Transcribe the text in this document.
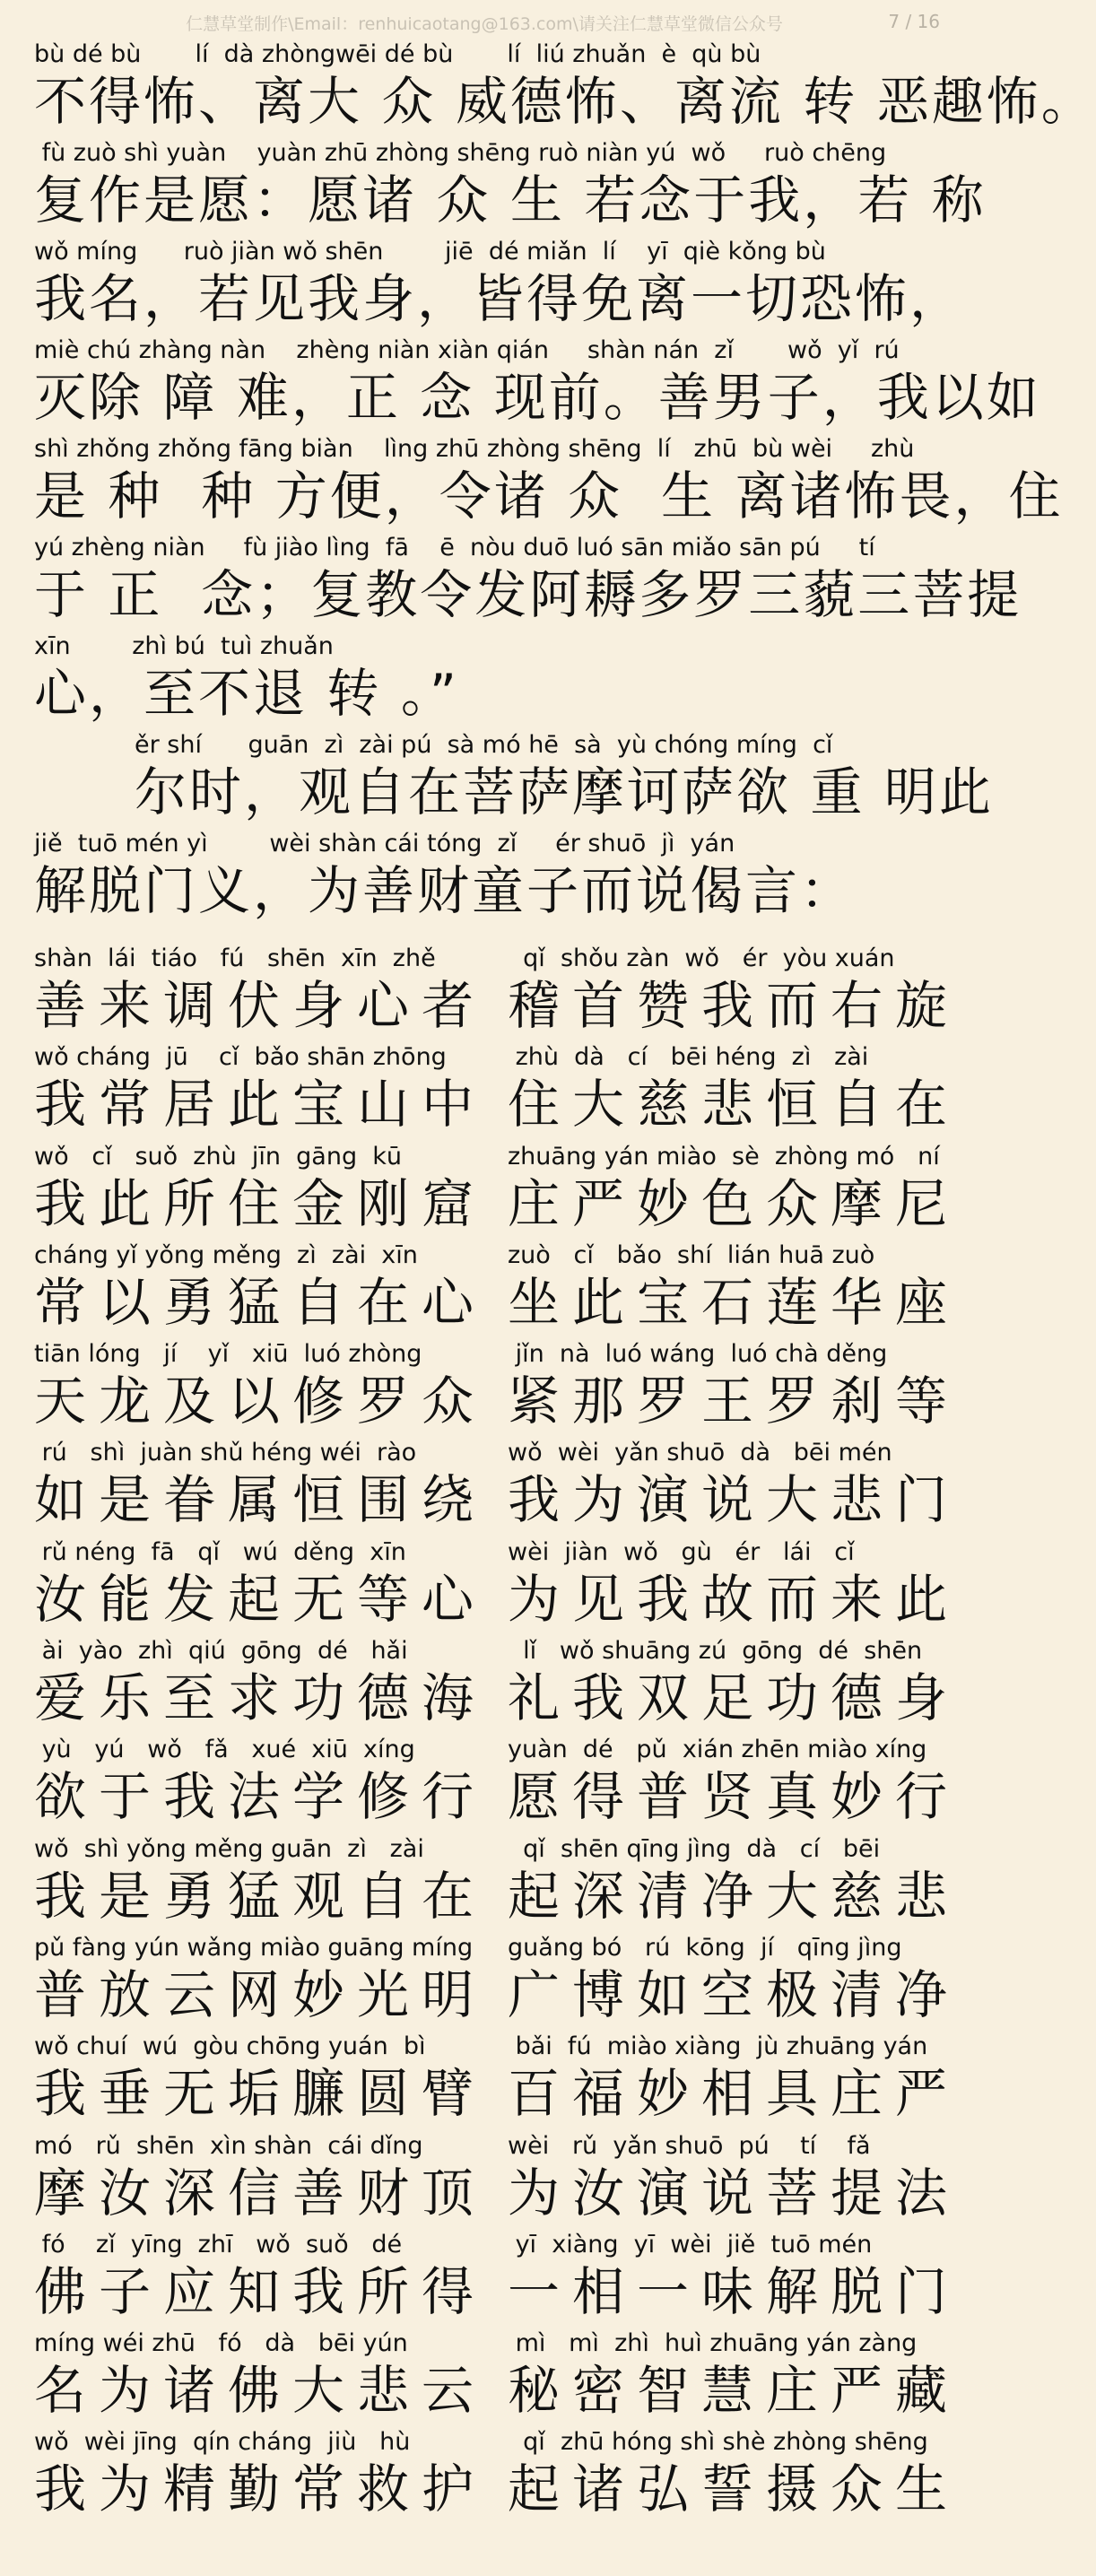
仁慧草堂制作\Email：renhuicaotang@163.com\请关注仁慧草堂微信公众号	7 / 16
bù dé bù       lí  dà zhòngwēi dé bù       lí  liú zhuǎn  è  qù bù
不得怖、离大 众 威德怖、离流 转 恶趣怖。
fù zuò shì yuàn    yuàn zhū zhòng shēng ruò niàn yú  wǒ     ruò chēng
复作是愿：愿诸 众 生 若念于我，若 称
wǒ míng      ruò jiàn wǒ shēn        jiē  dé miǎn  lí    yī  qiè kǒng bù
我名，若见我身，皆得免离一切恐怖，
miè chú zhàng nàn    zhèng niàn xiàn qián     shàn nán  zǐ       wǒ  yǐ  rú
灭除 障 难，正 念 现前。善男子，我以如
shì zhǒng zhǒng fāng biàn    lìng zhū zhòng shēng  lí   zhū  bù wèi     zhù
是 种  种 方便，令诸 众  生 离诸怖畏，住
yú zhèng niàn     fù jiào lìng  fā    ē  nòu duō luó sān miǎo sān pú     tí
于 正  念；复教令发阿耨多罗三藐三菩提
xīn        zhì bú  tuì zhuǎn
心，至不退 转 。”
ěr shí      guān  zì  zài pú  sà mó hē  sà  yù chóng míng  cǐ
尔时，观自在菩萨摩诃萨欲 重 明此
jiě  tuō mén yì        wèi shàn cái tóng  zǐ     ér shuō  jì  yán
解脱门义，为善财童子而说偈言：
shàn  lái  tiáo   fú   shēn  xīn  zhě
善来调伏身心者
qǐ  shǒu zàn  wǒ   ér  yòu xuán
稽首赞我而右旋
wǒ cháng  jū    cǐ  bǎo shān zhōng
我常居此宝山中
zhù  dà   cí   bēi héng  zì   zài
住大慈悲恒自在
wǒ   cǐ   suǒ  zhù  jīn  gāng  kū
我此所住金刚窟
zhuāng yán miào  sè  zhòng mó   ní
庄严妙色众摩尼
cháng yǐ yǒng měng  zì  zài  xīn
常以勇猛自在心
zuò   cǐ   bǎo  shí  lián huā zuò
坐此宝石莲华座
tiān lóng   jí    yǐ   xiū  luó zhòng
天龙及以修罗众
jǐn  nà  luó wáng  luó chà děng
紧那罗王罗刹等
rú   shì  juàn shǔ héng wéi  rào
如是眷属恒围绕
wǒ  wèi  yǎn shuō  dà   bēi mén
我为演说大悲门
rǔ néng  fā   qǐ   wú  děng  xīn
汝能发起无等心
wèi  jiàn  wǒ   gù   ér   lái   cǐ
为见我故而来此
ài  yào  zhì  qiú  gōng  dé   hǎi
爱乐至求功德海
lǐ   wǒ shuāng zú  gōng  dé  shēn
礼我双足功德身
yù   yú   wǒ   fǎ   xué  xiū  xíng
欲于我法学修行
yuàn  dé   pǔ  xián zhēn miào xíng
愿得普贤真妙行
wǒ  shì yǒng měng guān  zì   zài
我是勇猛观自在
qǐ  shēn qīng jìng  dà   cí   bēi
起深清净大慈悲
pǔ fàng yún wǎng miào guāng míng
普放云网妙光明
guǎng bó   rú  kōng  jí   qīng jìng
广博如空极清净
wǒ chuí  wú  gòu chōng yuán  bì
我垂无垢臁圆臂
bǎi  fú  miào xiàng  jù zhuāng yán
百福妙相具庄严
mó   rǔ  shēn  xìn shàn  cái dǐng
摩汝深信善财顶
wèi   rǔ  yǎn shuō  pú    tí    fǎ
为汝演说菩提法
fó    zǐ  yīng  zhī   wǒ  suǒ   dé
佛子应知我所得
yī  xiàng  yī  wèi  jiě  tuō mén
一相一味解脱门
míng wéi zhū   fó   dà   bēi yún
名为诸佛大悲云
mì   mì  zhì  huì zhuāng yán zàng
秘密智慧庄严藏
wǒ  wèi jīng  qín cháng  jiù   hù
我为精勤常救护
qǐ  zhū hóng shì shè zhòng shēng
起诸弘誓摄众生
